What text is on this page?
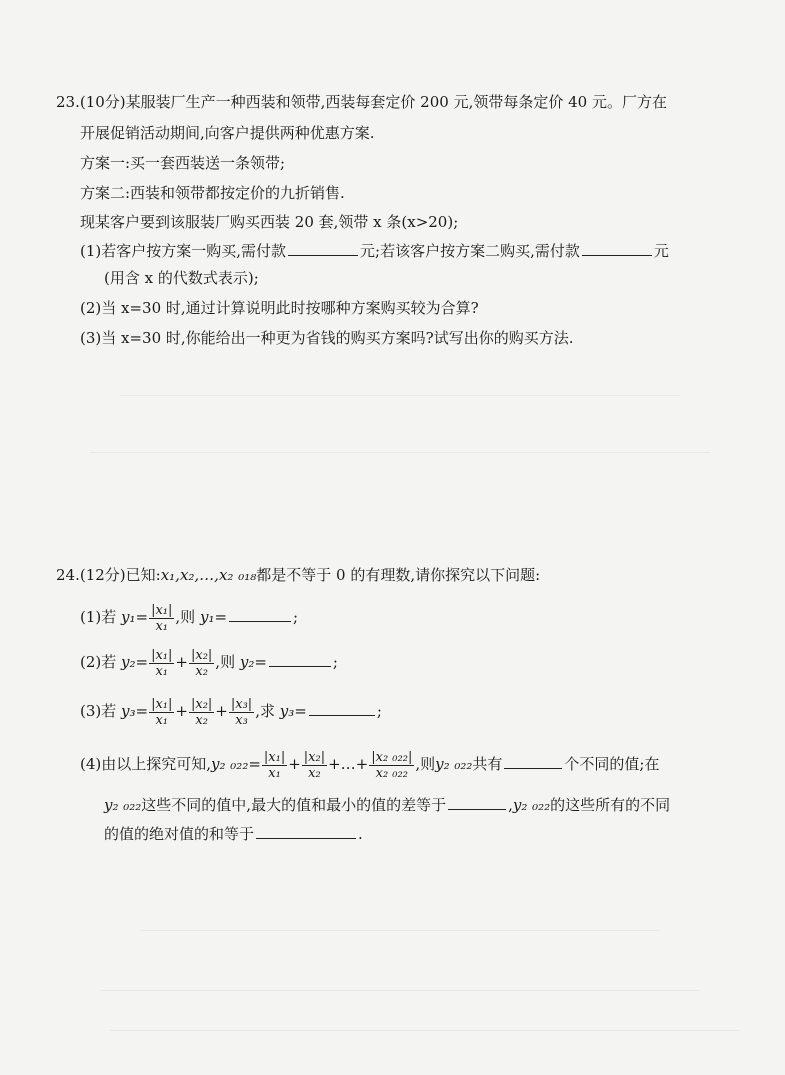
23.(10分)某服装厂生产一种西装和领带,西装每套定价 200 元,领带每条定价 40 元。厂方在
开展促销活动期间,向客户提供两种优惠方案.
方案一:买一套西装送一条领带;
方案二:西装和领带都按定价的九折销售.
现某客户要到该服装厂购买西装 20 套,领带 x 条(x>20);
(1)若客户按方案一购买,需付款	元;若该客户按方案二购买,需付款	元
(用含 x 的代数式表示);
(2)当 x=30 时,通过计算说明此时按哪种方案购买较为合算?
(3)当 x=30 时,你能给出一种更为省钱的购买方案吗?试写出你的购买方法.
24.(12分)已知:x₁,x₂,…,x₂ ₀₁₈都是不等于 0 的有理数,请你探究以下问题:
(1)若 $y_1= \frac{\text{|x₁|}}{\text{x₁}}$ ,则 y₁=	;
(2)若 $y_2= \frac{\text{|x₁|}}{\text{x₁}} + \frac{\text{|x₂|}}{\text{x₂}}$ ,则 y₂=	;
(3)若 $y_3= \frac{\text{|x₁|}}{\text{x₁}} + \frac{\text{|x₂|}}{\text{x₂}} + \frac{\text{|x₃|}}{\text{x₃}}$ ,求 y₃=	;
(4)由以上探究可知,y₂ $_{022}= \frac{\text{|x₁|}}{\text{x₁}} + \frac{\text{|x₂|}}{\text{x₂}}$ +…+ $\frac{\text{|x₂ ₀₂₂|}}{\text{x₂ ₀₂₂}}$ ,则y₂ ₀₂₂共有	个不同的值;在
y₂ ₀₂₂这些不同的值中,最大的值和最小的值的差等于	,y₂ ₀₂₂的这些所有的不同
的值的绝对值的和等于	.
